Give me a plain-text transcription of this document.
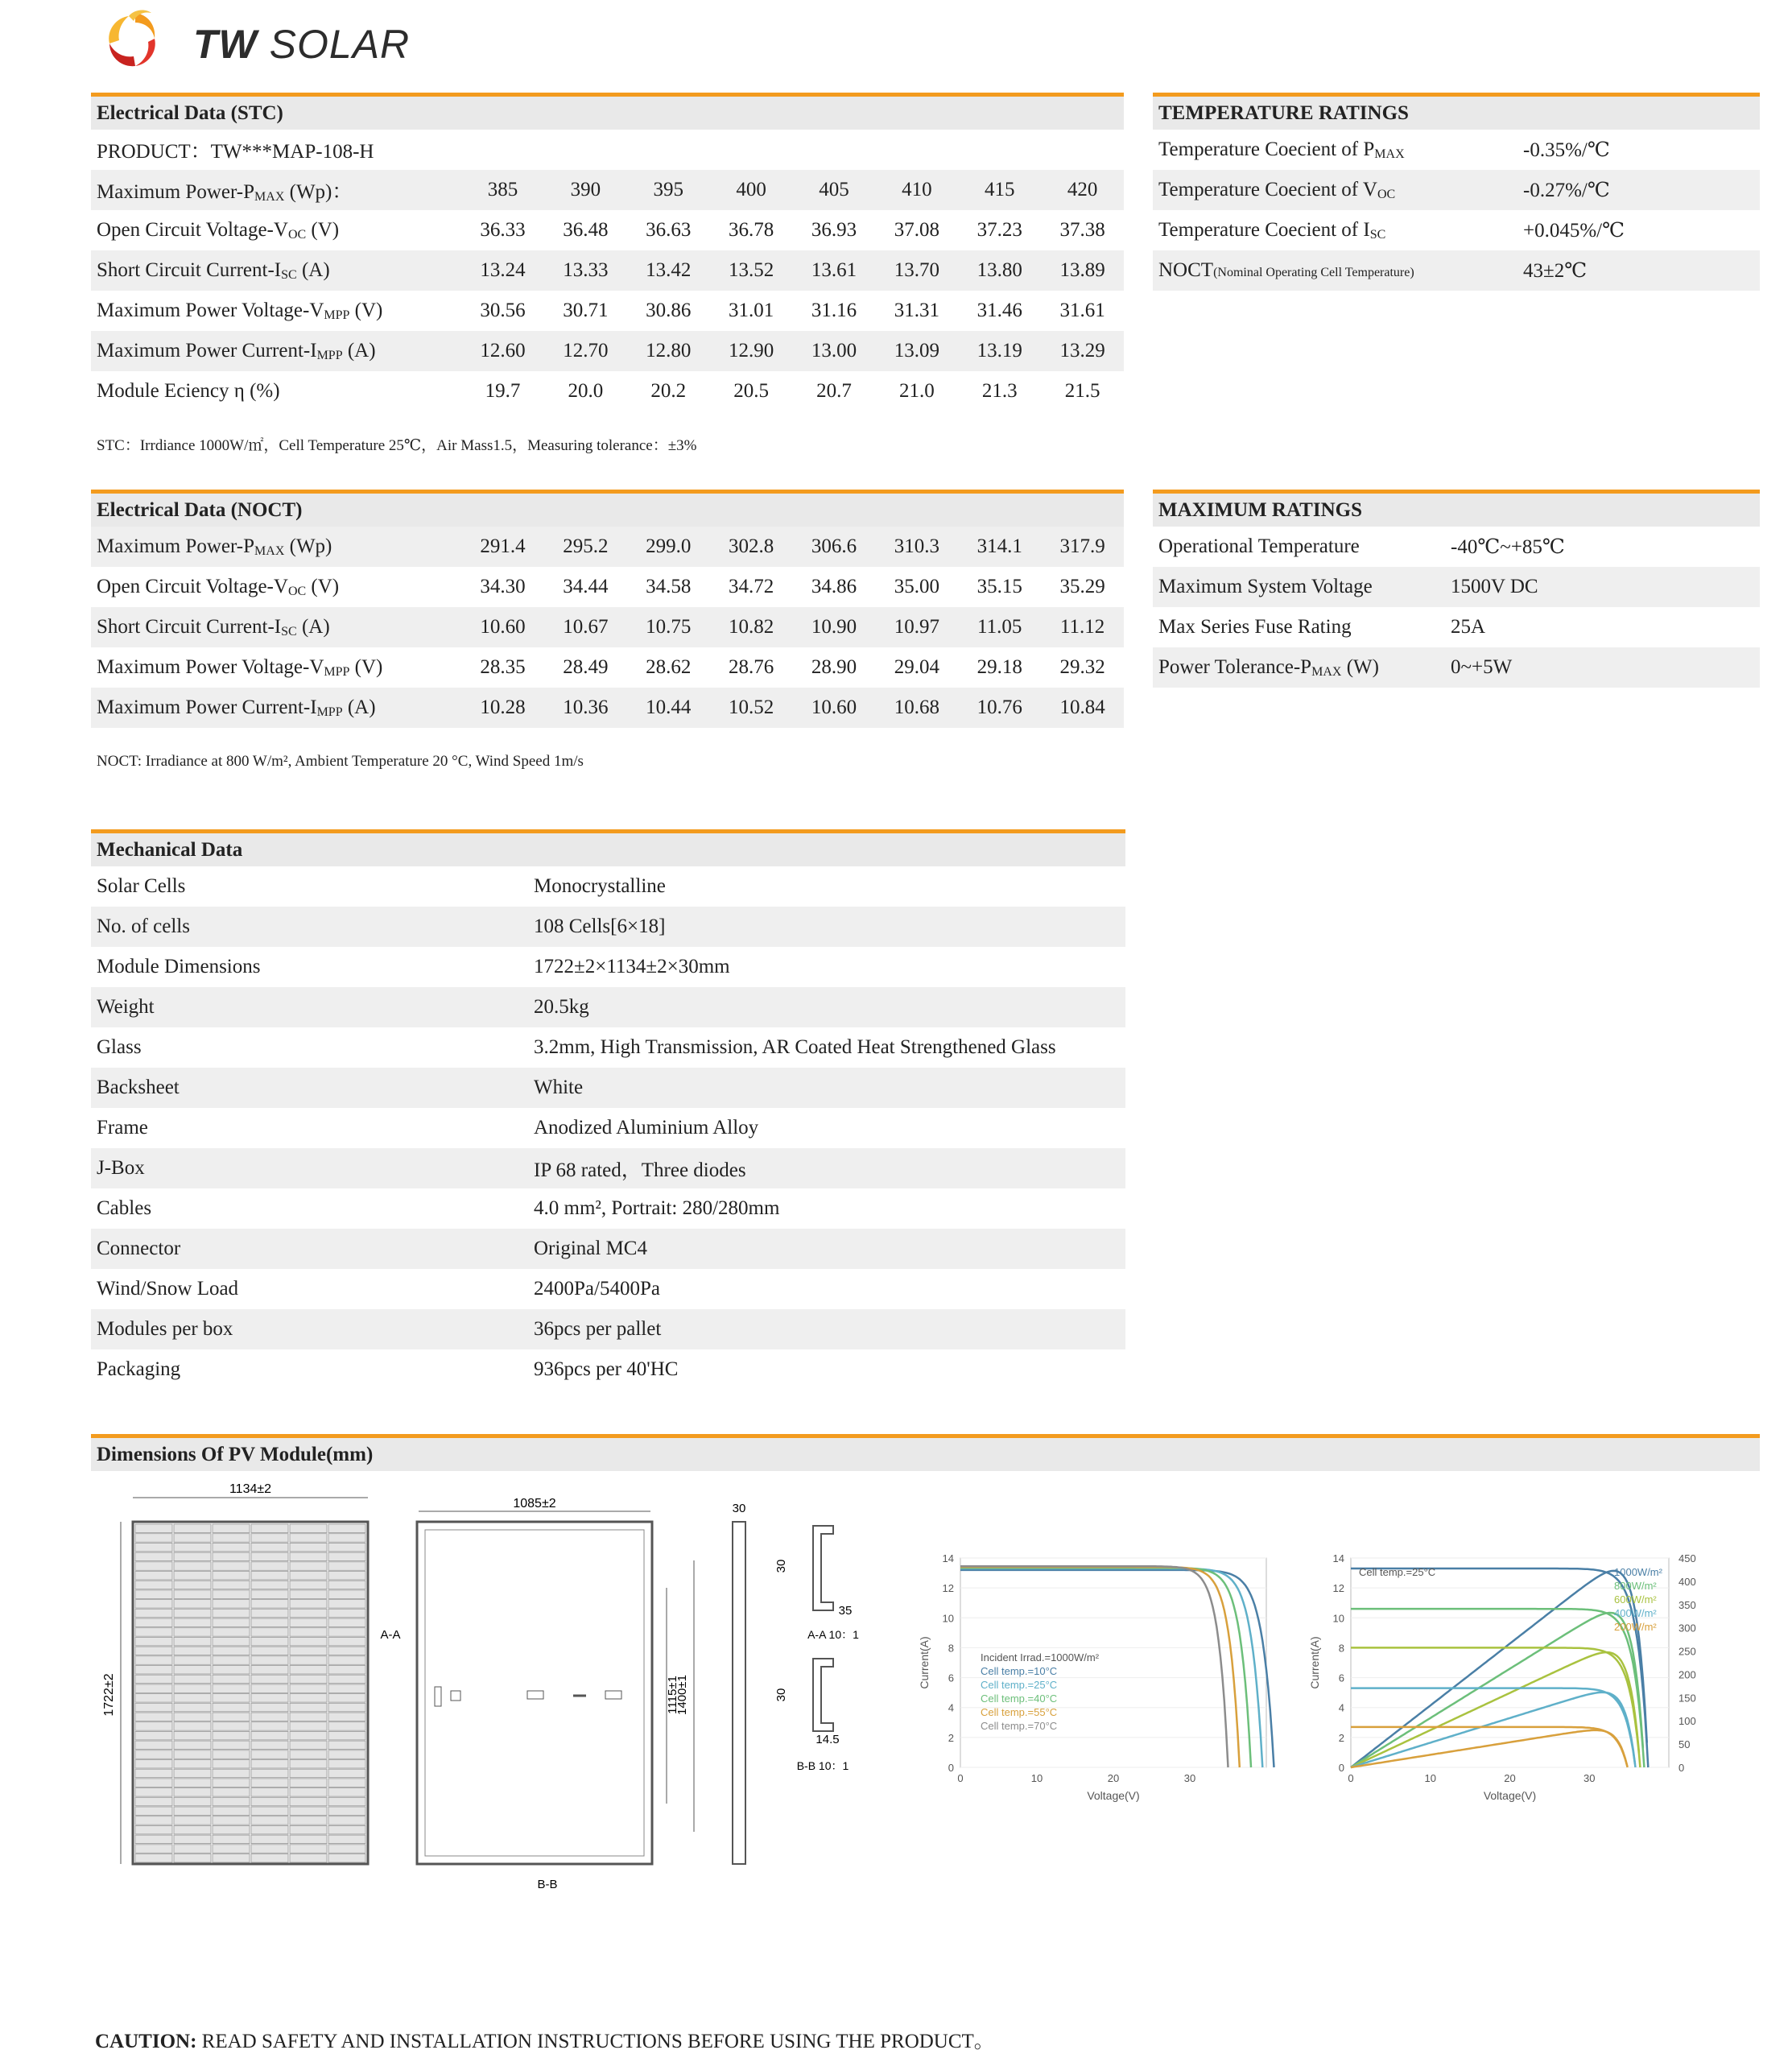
TW SOLAR
Electrical Data (STC)
PRODUCT：TW***MAP-108-H
Maximum Power-$P_{MAX}$ (Wp)：	385	390	395	400	405	410	415	420
Open Circuit Voltage-$V_{OC}$ (V)	36.33	36.48	36.63	36.78	36.93	37.08	37.23	37.38
Short Circuit Current-$I_{SC}$ (A)	13.24	13.33	13.42	13.52	13.61	13.70	13.80	13.89
Maximum Power Voltage-$V_{MPP}$ (V)	30.56	30.71	30.86	31.01	31.16	31.31	31.46	31.61
Maximum Power Current-$I_{MPP}$ (A)	12.60	12.70	12.80	12.90	13.00	13.09	13.19	13.29
Module Eciency η (%)	19.7	20.0	20.2	20.5	20.7	21.0	21.3	21.5
STC：Irrdiance 1000W/㎡，Cell Temperature 25℃，Air Mass1.5，Measuring tolerance：±3%
TEMPERATURE RATINGS
Temperature Coecient of $P_{MAX}$	-0.35%/℃
Temperature Coecient of $V_{OC}$	-0.27%/℃
Temperature Coecient of $I_{SC}$	+0.045%/℃
NOCT(Nominal Operating Cell Temperature)	43±2℃
Electrical Data (NOCT)
Maximum Power-$P_{MAX}$ (Wp)	291.4	295.2	299.0	302.8	306.6	310.3	314.1	317.9
Open Circuit Voltage-$V_{OC}$ (V)	34.30	34.44	34.58	34.72	34.86	35.00	35.15	35.29
Short Circuit Current-$I_{SC}$ (A)	10.60	10.67	10.75	10.82	10.90	10.97	11.05	11.12
Maximum Power Voltage-$V_{MPP}$ (V)	28.35	28.49	28.62	28.76	28.90	29.04	29.18	29.32
Maximum Power Current-$I_{MPP}$ (A)	10.28	10.36	10.44	10.52	10.60	10.68	10.76	10.84
NOCT: Irradiance at 800 W/m², Ambient Temperature 20 °C, Wind Speed 1m/s
MAXIMUM RATINGS
Operational Temperature	-40℃~+85℃
Maximum System Voltage	1500V DC
Max Series Fuse Rating	25A
Power Tolerance-$P_{MAX}$ (W)	0~+5W
Mechanical Data
Solar Cells	Monocrystalline
No. of cells	108 Cells[6×18]
Module Dimensions	1722±2×1134±2×30mm
Weight	20.5kg
Glass	3.2mm, High Transmission, AR Coated Heat Strengthened Glass
Backsheet	White
Frame	Anodized Aluminium Alloy
J-Box	IP 68 rated，Three diodes
Cables	4.0 mm², Portrait: 280/280mm
Connector	Original MC4
Wind/Snow Load	2400Pa/5400Pa
Modules per box	36pcs per pallet
Packaging	936pcs per 40'HC
Dimensions Of PV Module(mm)
1134±2
1722±2
1085±2
A-A
B-B
1115±1
1400±1
30
30
35
A-A 10：1
30
14.5
B-B 10：1	0
2
4
6
8
10
12
14
0	10	20	30
Voltage(V)
Current(A)	Cell temp.=10°C
Cell temp.=25°C
Cell temp.=40°C
Cell temp.=55°C
Cell temp.=70°C
Incident Irrad.=1000W/m²
0
2
4
6
8
10
12
14
0	10	20	30
0
50
100
150
200
250
300
350
400
450
Voltage(V)
Current(A)
1000W/m²
800W/m²
600W/m²
400W/m²
200W/m²
Cell temp.=25°C
CAUTION: READ SAFETY AND INSTALLATION INSTRUCTIONS BEFORE USING THE PRODUCT。
